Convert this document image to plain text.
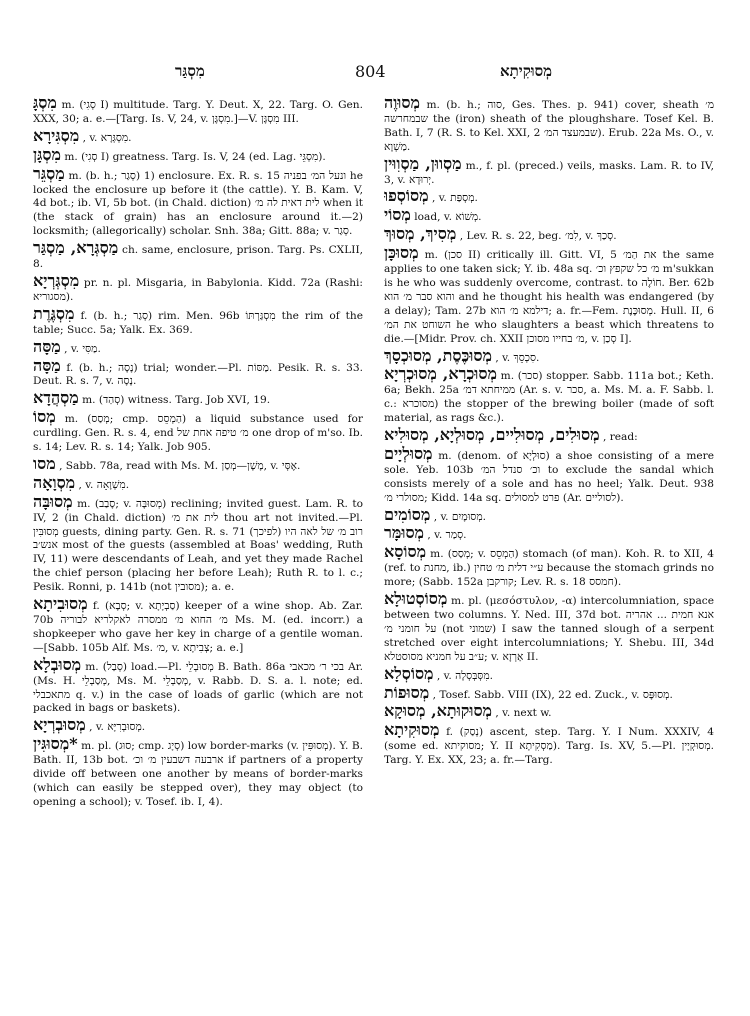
מִסְגַּר	804	מְסוּקִיתָא

מִסְגָּ m. (סְגִי I) multitude. Targ. Y. Deut. X, 22. Targ. O. Gen. XXX, 30; a. e.—[Targ. Is. V, 24, v. מִסְגָּן.]—V. מִסְגָּן III.

מִסְגִּירָא , v. מִסְגְּרָא.

מִסְגָּן m. (סְגִי I) greatness. Targ. Is. V, 24 (ed. Lag. מִסְגֵּי).

מַסְגֵּר m. (b. h.; סְגַר) 1) enclosure. Ex. R. s. 15 ונעל המ׳ בפניה he locked the enclosure up before it (the cattle). Y. B. Kam. V, 4d bot.; ib. VI, 5b bot. (in Chald. diction) לית דאית לה מ׳ when it (the stack of grain) has an enclosure around it.—2) locksmith; (allegorically) scholar. Snh. 38a; Gitt. 88a; v. סְגַר.

מַסְגְּרָא, מַסְגַּר ch. same, enclosure, prison. Targ. Ps. CXLII, 8.

מִסְגְּרְיָא pr. n. pl. Misgaria, in Babylonia. Kidd. 72a (Rashi: מסגוריא).

מִסְגֶּרֶת f. (b. h.; סְגַר) rim. Men. 96b מִסְגַּרְתּוֹ the rim of the table; Succ. 5a; Yalk. Ex. 369.

מַסָּה , v. מַסִּי.

מַסָּה f. (b. h.; נָסָה) trial; wonder.—Pl. מַסּוֹת. Pesik. R. s. 33. Deut. R. s. 7, v. נָסָה.

מַסְהֲדָא m. (סְהַד) witness. Targ. Job XVI, 19.

מְסוֹ m. (מְסַס; cmp. הַמְסֵס) a liquid substance used for curdling. Gen. R. s. 4, end מ׳ טיפה אחת של one drop of m'so. Ib. s. 14; Lev. R. s. 14; Yalk. Job 905.

מסו , Sabb. 78a, read with Ms. M. מָשָׁן—מְסַן, v. אֶסְּי.

מִסְוָאָה , v. מִשְׁוָאָה.

מְסוּבָּה m. (סָבַב; v. מְסוּבָּה) reclining; invited guest. Lam. R. to IV, 2 (in Chald. diction) לית את מ׳ thou art not invited.—Pl. מְסוּבִּין guests, dining party. Gen. R. s. 71 (לפיכך) רוב מ׳ של לאה היו אנש׳ב most of the guests (assembled at Boas' wedding, Ruth IV, 11) were descendants of Leah, and yet they made Rachel the chief person (placing her before Leah); Ruth R. to l. c.; Pesik. Ronni, p. 141b (not מסובין); a. e.

מְסוּבִיתָא f. (סְבָא; v. סַבְיָתָא) keeper of a wine shop. Ab. Zar. 70b מ׳ החוא מ׳ ממסרה לאקלריא לבוריה Ms. M. (ed. incorr.) a shopkeeper who gave her key in charge of a gentile woman.—[Sabb. 105b Alf. Ms. מ׳, v. צְבִיתָא; a. e.]

מְסוּבְלָא m. (סְבַל) load.—Pl. מְסוּבְלֵי B. Bath. 86a בכי ר׳ מכאבי Ar. (Ms. H. מְסַבְלֵי, Ms. M. מְסַבְלֵי, v. Rabb. D. S. a. l. note; ed. מתאכבלי q. v.) in the case of loads of garlic (which are not packed in bags or baskets).

מְסוּבְרְיָא , v. מְסוּבְרִיָּא.

*מְסוּגִּין m. pl. (סוּג; cmp. סְיָג) low border-marks (v. מְסוּפִּין). Y. B. Bath. II, 13b bot. ארבעה דשבעין מ׳ וכ׳ if partners of a property divide off between one another by means of border-marks (which can easily be stepped over), they may object (to opening a school); v. Tosef. ib. I, 4).

מְסוּוֶה m. (b. h.; סוה, Ges. Thes. p. 941) cover, sheath מ׳ שבמחרשה the (iron) sheath of the ploughshare. Tosef Kel. B. Bath. I, 7 (R. S. to Kel. XXI, 2 שבמעצד המ׳). Erub. 22a Ms. O., v. מַשְׁוָא.

מַסְווּן, מַסְוִוּין m., f. pl. (preced.) veils, masks. Lam. R. to IV, 3, v. יְרוּדָא.

מְסוֹסְפוּ , v. מְסְפַּת.

מְסוֹי load, v. מְשׁוֹא.

מְסִיךְ, מְסוּךְ , Lev. R. s. 22, beg. לִמ׳, v. סְכַךְ.

מְסוּכָּן m. (סכן II) critically ill. Gitt. VI, 5 את הַמ׳ the same applies to one taken sick; Y. ib. 48a sq. מ׳ כל שקפץ וכ׳ m'sukkan is he who was suddenly overcome, contrast. to חוֹלֶה. Ber. 62b והוא סבר מ׳ הוא and he thought his health was endangered (by a delay); Tam. 27b דילמא מ׳ הוא; a. fr.—Fem. מְסוּכֶּנֶת. Hull. II, 6 השוחט את המ׳ he who slaughters a beast which threatens to die.—[Midr. Prov. ch. XXII מ׳ בחייו מסוכן, v. סְכַן I].

מְסוּכֶּסֶת, מְסוּכְסָךְ , v. סִכְסֵךְ.

מְסוּכְרָא, מְסוּכְרְיָא m. (סכר) stopper. Sabb. 111a bot.; Keth. 6a; Bekh. 25a ממיחתא דמ׳ (Ar. s. v. סכר, a. Ms. M. a. F. Sabb. l. c.: מסוכרא) the stopper of the brewing boiler (made of soft material, as rags &c.).

מְסוּלִים, מְסוּלִיים, מְסוּלְיָא, מְסוּלִיא , read:

מְסוּלְיָים m. (denom. of סוּלְיָא) a shoe consisting of a mere sole. Yeb. 103b וכ׳ סנדל המ׳ to exclude the sandal which consists merely of a sole and has no heel; Yalk. Deut. 938 מסולרי מ׳; Kidd. 14a sq. פרט למסולים (Ar. לסוליים).

מְסוֹמִים , v. מְסוּמָיִם.

מְסוּמָּר , v. סְמַר.

מְסוֹסָא m. (מְסַס; v. הַמְסֵס) stomach (of man). Koh. R. to XII, 4 (ref. to מחנת, ib.) ע״י דלית מ׳ טחין because the stomach grinds no more; (Sabb. 152a קורקבן; Lev. R. s. 18 חמסס).

מְסוֹסְטוּלָא m. pl. (μεσόστυλον, -α) intercolumniation, space between two columns. Y. Ned. III, 37d bot. אנא חמית ... אהריה על חומני מ׳ (not שמוני) I saw the tanned slough of a serpent stretched over eight intercolumniations; Y. Shebu. III, 34d ע״ב על חמניא מסוסטלא; v. אַרְזָא II.

מְסוֹסְלָא , v. מִסְּבְּסְלָה.

מְסוּפוֹת , Tosef. Sabb. VIII (IX), 22 ed. Zuck., v. מְסוּפָּס.

מְסוּקוּתָא, מְסוּקָא , v. next w.

מְסוּקִיתָא f. (נְסַק) ascent, step. Targ. Y. I Num. XXXIV, 4 (some ed. מסוקיתא; Y. II מַסְקִיתָא). Targ. Is. XV, 5.—Pl. מְסוּקְיָין. Targ. Y. Ex. XX, 23; a. fr.—Targ.
